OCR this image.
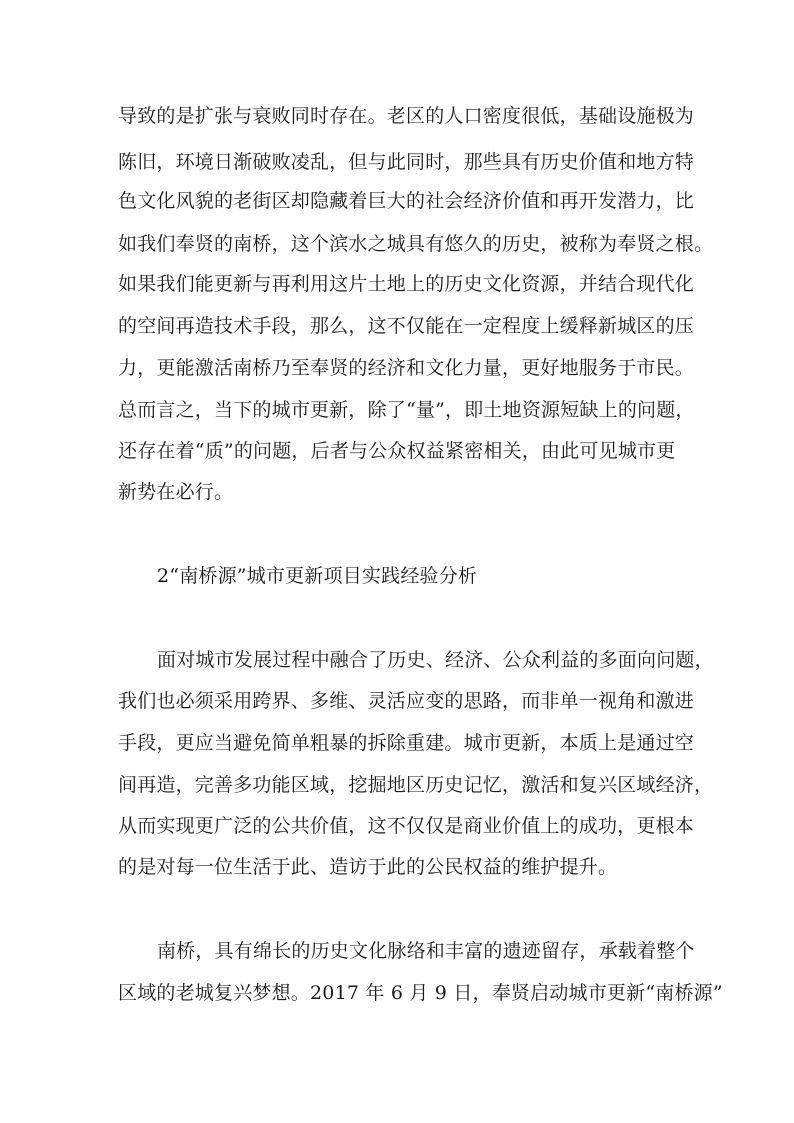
导致的是扩张与衰败同时存在。老区的人口密度很低，基础设施极为
陈旧，环境日渐破败凌乱，但与此同时，那些具有历史价值和地方特
色文化风貌的老街区却隐藏着巨大的社会经济价值和再开发潜力，比
如我们奉贤的南桥，这个滨水之城具有悠久的历史，被称为奉贤之根。
如果我们能更新与再利用这片土地上的历史文化资源，并结合现代化
的空间再造技术手段，那么，这不仅能在一定程度上缓释新城区的压
力，更能激活南桥乃至奉贤的经济和文化力量，更好地服务于市民。
总而言之，当下的城市更新，除了“量”，即土地资源短缺上的问题，
还存在着“质”的问题，后者与公众权益紧密相关，由此可见城市更
新势在必行。
2“南桥源”城市更新项目实践经验分析
面对城市发展过程中融合了历史、经济、公众利益的多面向问题，
我们也必须采用跨界、多维、灵活应变的思路，而非单一视角和激进
手段，更应当避免简单粗暴的拆除重建。城市更新，本质上是通过空
间再造，完善多功能区域，挖掘地区历史记忆，激活和复兴区域经济，
从而实现更广泛的公共价值，这不仅仅是商业价值上的成功，更根本
的是对每一位生活于此、造访于此的公民权益的维护提升。
南桥，具有绵长的历史文化脉络和丰富的遗迹留存，承载着整个
区域的老城复兴梦想。2017 年 6 月 9 日，奉贤启动城市更新“南桥源”
